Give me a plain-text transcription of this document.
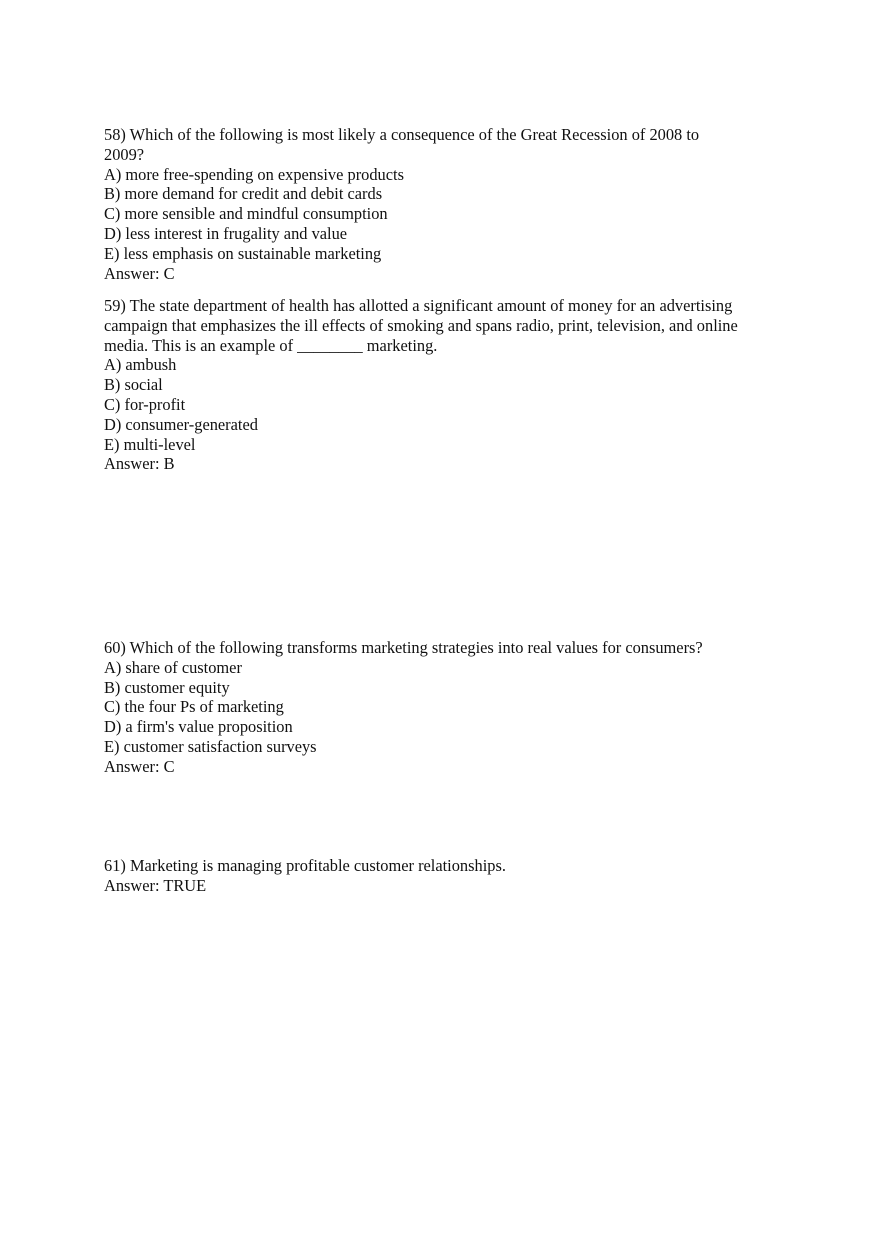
58) Which of the following is most likely a consequence of the Great Recession of 2008 to
2009?
A) more free-spending on expensive products
B) more demand for credit and debit cards
C) more sensible and mindful consumption
D) less interest in frugality and value
E) less emphasis on sustainable marketing
Answer: C
59) The state department of health has allotted a significant amount of money for an advertising
campaign that emphasizes the ill effects of smoking and spans radio, print, television, and online
media. This is an example of ________ marketing.
A) ambush
B) social
C) for-profit
D) consumer-generated
E) multi-level
Answer: B
60) Which of the following transforms marketing strategies into real values for consumers?
A) share of customer
B) customer equity
C) the four Ps of marketing
D) a firm's value proposition
E) customer satisfaction surveys
Answer: C
61) Marketing is managing profitable customer relationships.
Answer: TRUE
